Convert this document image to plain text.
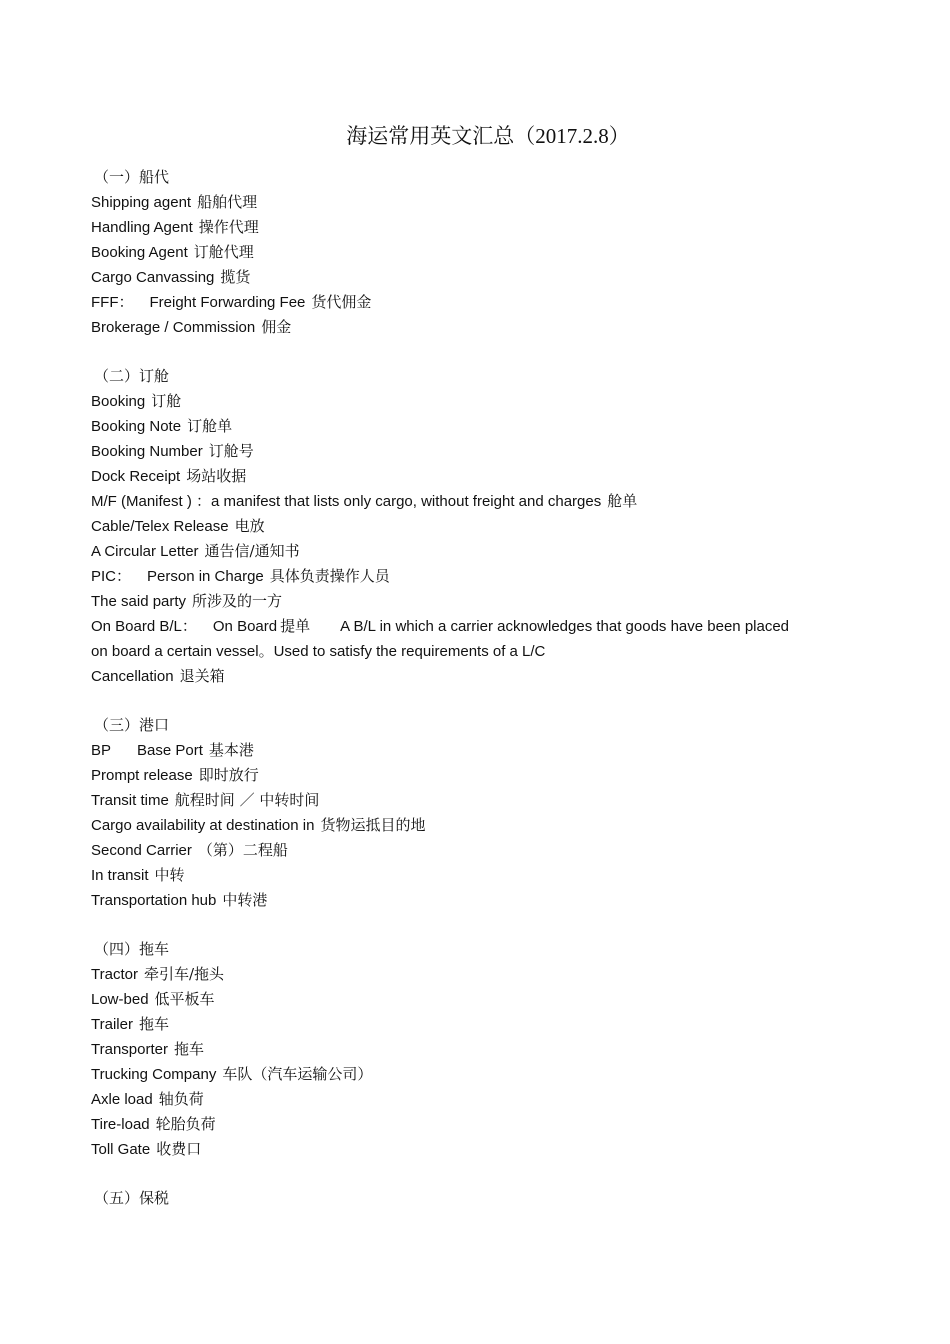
海运常用英文汇总（2017.2.8）
（一）船代
Shipping agent 船舶代理
Handling Agent 操作代理
Booking Agent 订舱代理
Cargo Canvassing 揽货
FFF： Freight Forwarding Fee 货代佣金
Brokerage / Commission 佣金
（二）订舱
Booking 订舱
Booking Note 订舱单
Booking Number 订舱号
Dock Receipt 场站收据
M/F (Manifest ) ：a manifest that lists only cargo, without freight and charges 舱单
Cable/Telex Release 电放
A Circular Letter 通告信/通知书
PIC： Person in Charge 具体负责操作人员
The said party 所涉及的一方
On Board B/L： On Board 提单 A B/L in which a carrier acknowledges that goods have been placed
on board a certain vessel。Used to satisfy the requirements of a L/C
Cancellation 退关箱
（三）港口
BP Base Port 基本港
Prompt release 即时放行
Transit time 航程时间 ／ 中转时间
Cargo availability at destination in 货物运抵目的地
Second Carrier （第）二程船
In transit 中转
Transportation hub 中转港
（四）拖车
Tractor 牵引车/拖头
Low-bed 低平板车
Trailer 拖车
Transporter 拖车
Trucking Company 车队（汽车运输公司）
Axle load 轴负荷
Tire-load 轮胎负荷
Toll Gate 收费口
（五）保税
